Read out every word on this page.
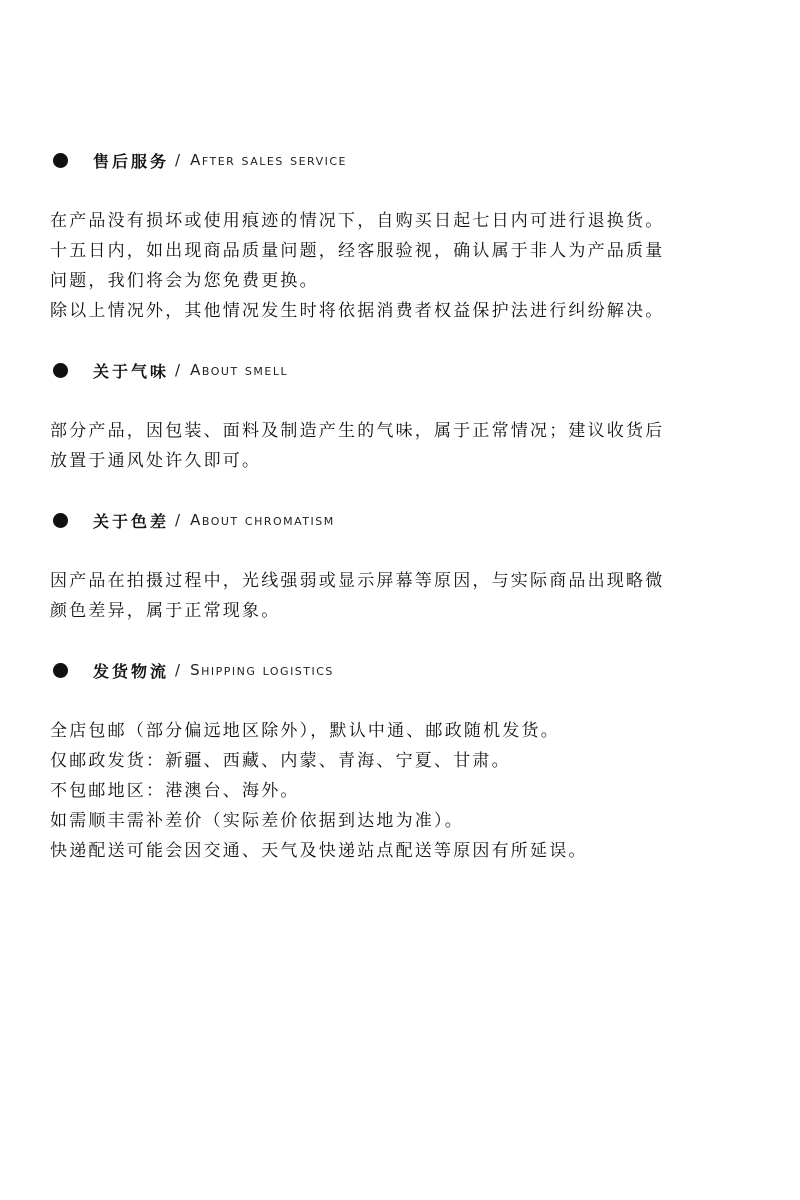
售后服务 / After sales service
在产品没有损坏或使用痕迹的情况下，自购买日起七日内可进行退换货。
十五日内，如出现商品质量问题，经客服验视，确认属于非人为产品质量
问题，我们将会为您免费更换。
除以上情况外，其他情况发生时将依据消费者权益保护法进行纠纷解决。
关于气味 / About smell
部分产品，因包装、面料及制造产生的气味，属于正常情况；建议收货后
放置于通风处许久即可。
关于色差 / About chromatism
因产品在拍摄过程中，光线强弱或显示屏幕等原因，与实际商品出现略微
颜色差异，属于正常现象。
发货物流 / Shipping logistics
全店包邮（部分偏远地区除外），默认中通、邮政随机发货。
仅邮政发货：新疆、西藏、内蒙、青海、宁夏、甘肃。
不包邮地区：港澳台、海外。
如需顺丰需补差价（实际差价依据到达地为准）。
快递配送可能会因交通、天气及快递站点配送等原因有所延误。
